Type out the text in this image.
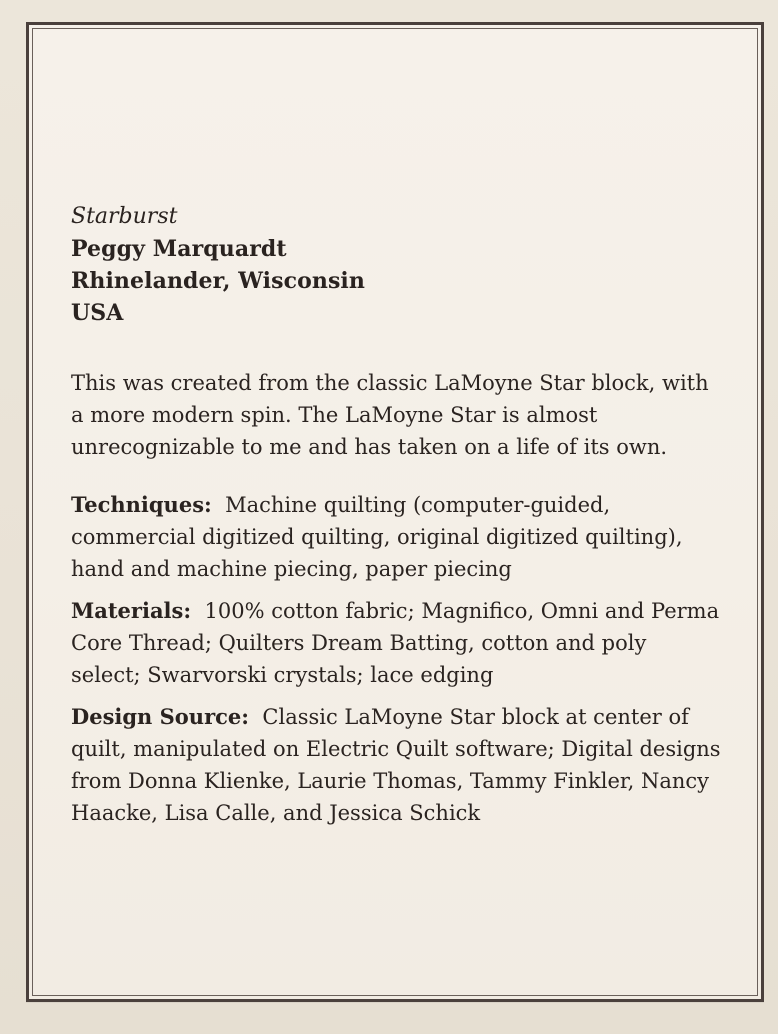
Starburst

Peggy Marquardt

Rhinelander, Wisconsin

USA

This was created from the classic LaMoyne Star block, with a more modern spin. The LaMoyne Star is almost unrecognizable to me and has taken on a life of its own.

Techniques: Machine quilting (computer-guided, commercial digitized quilting, original digitized quilting), hand and machine piecing, paper piecing

Materials: 100% cotton fabric; Magnifico, Omni and Perma Core Thread; Quilters Dream Batting, cotton and poly select; Swarvorski crystals; lace edging

Design Source: Classic LaMoyne Star block at center of quilt, manipulated on Electric Quilt software; Digital designs from Donna Klienke, Laurie Thomas, Tammy Finkler, Nancy Haacke, Lisa Calle, and Jessica Schick
